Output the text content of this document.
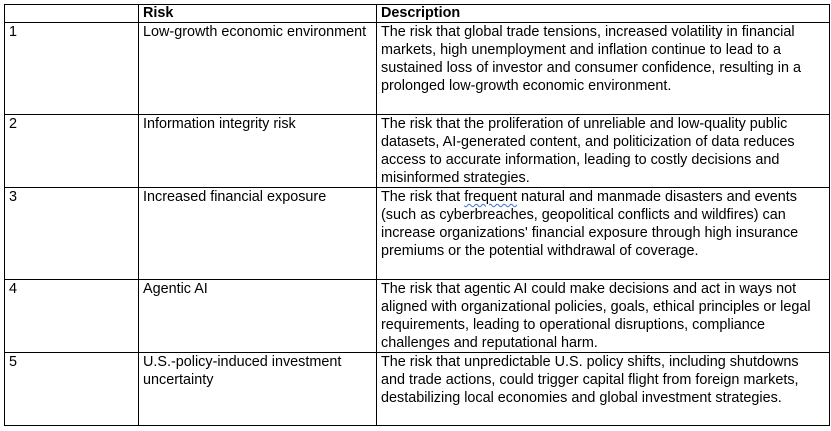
	Risk	Description
1	Low-growth economic environment	The risk that global trade tensions, increased volatility in financial markets, high unemployment and inflation continue to lead to a sustained loss of investor and consumer confidence, resulting in a prolonged low-growth economic environment.
2	Information integrity risk	The risk that the proliferation of unreliable and low-quality public datasets, AI-generated content, and politicization of data reduces access to accurate information, leading to costly decisions and misinformed strategies.
3	Increased financial exposure	The risk that frequent natural and manmade disasters and events (such as cyberbreaches, geopolitical conflicts and wildfires) can increase organizations' financial exposure through high insurance premiums or the potential withdrawal of coverage.
4	Agentic AI	The risk that agentic AI could make decisions and act in ways not aligned with organizational policies, goals, ethical principles or legal requirements, leading to operational disruptions, compliance challenges and reputational harm.
5	U.S.-policy-induced investment uncertainty	The risk that unpredictable U.S. policy shifts, including shutdowns and trade actions, could trigger capital flight from foreign markets, destabilizing local economies and global investment strategies.
